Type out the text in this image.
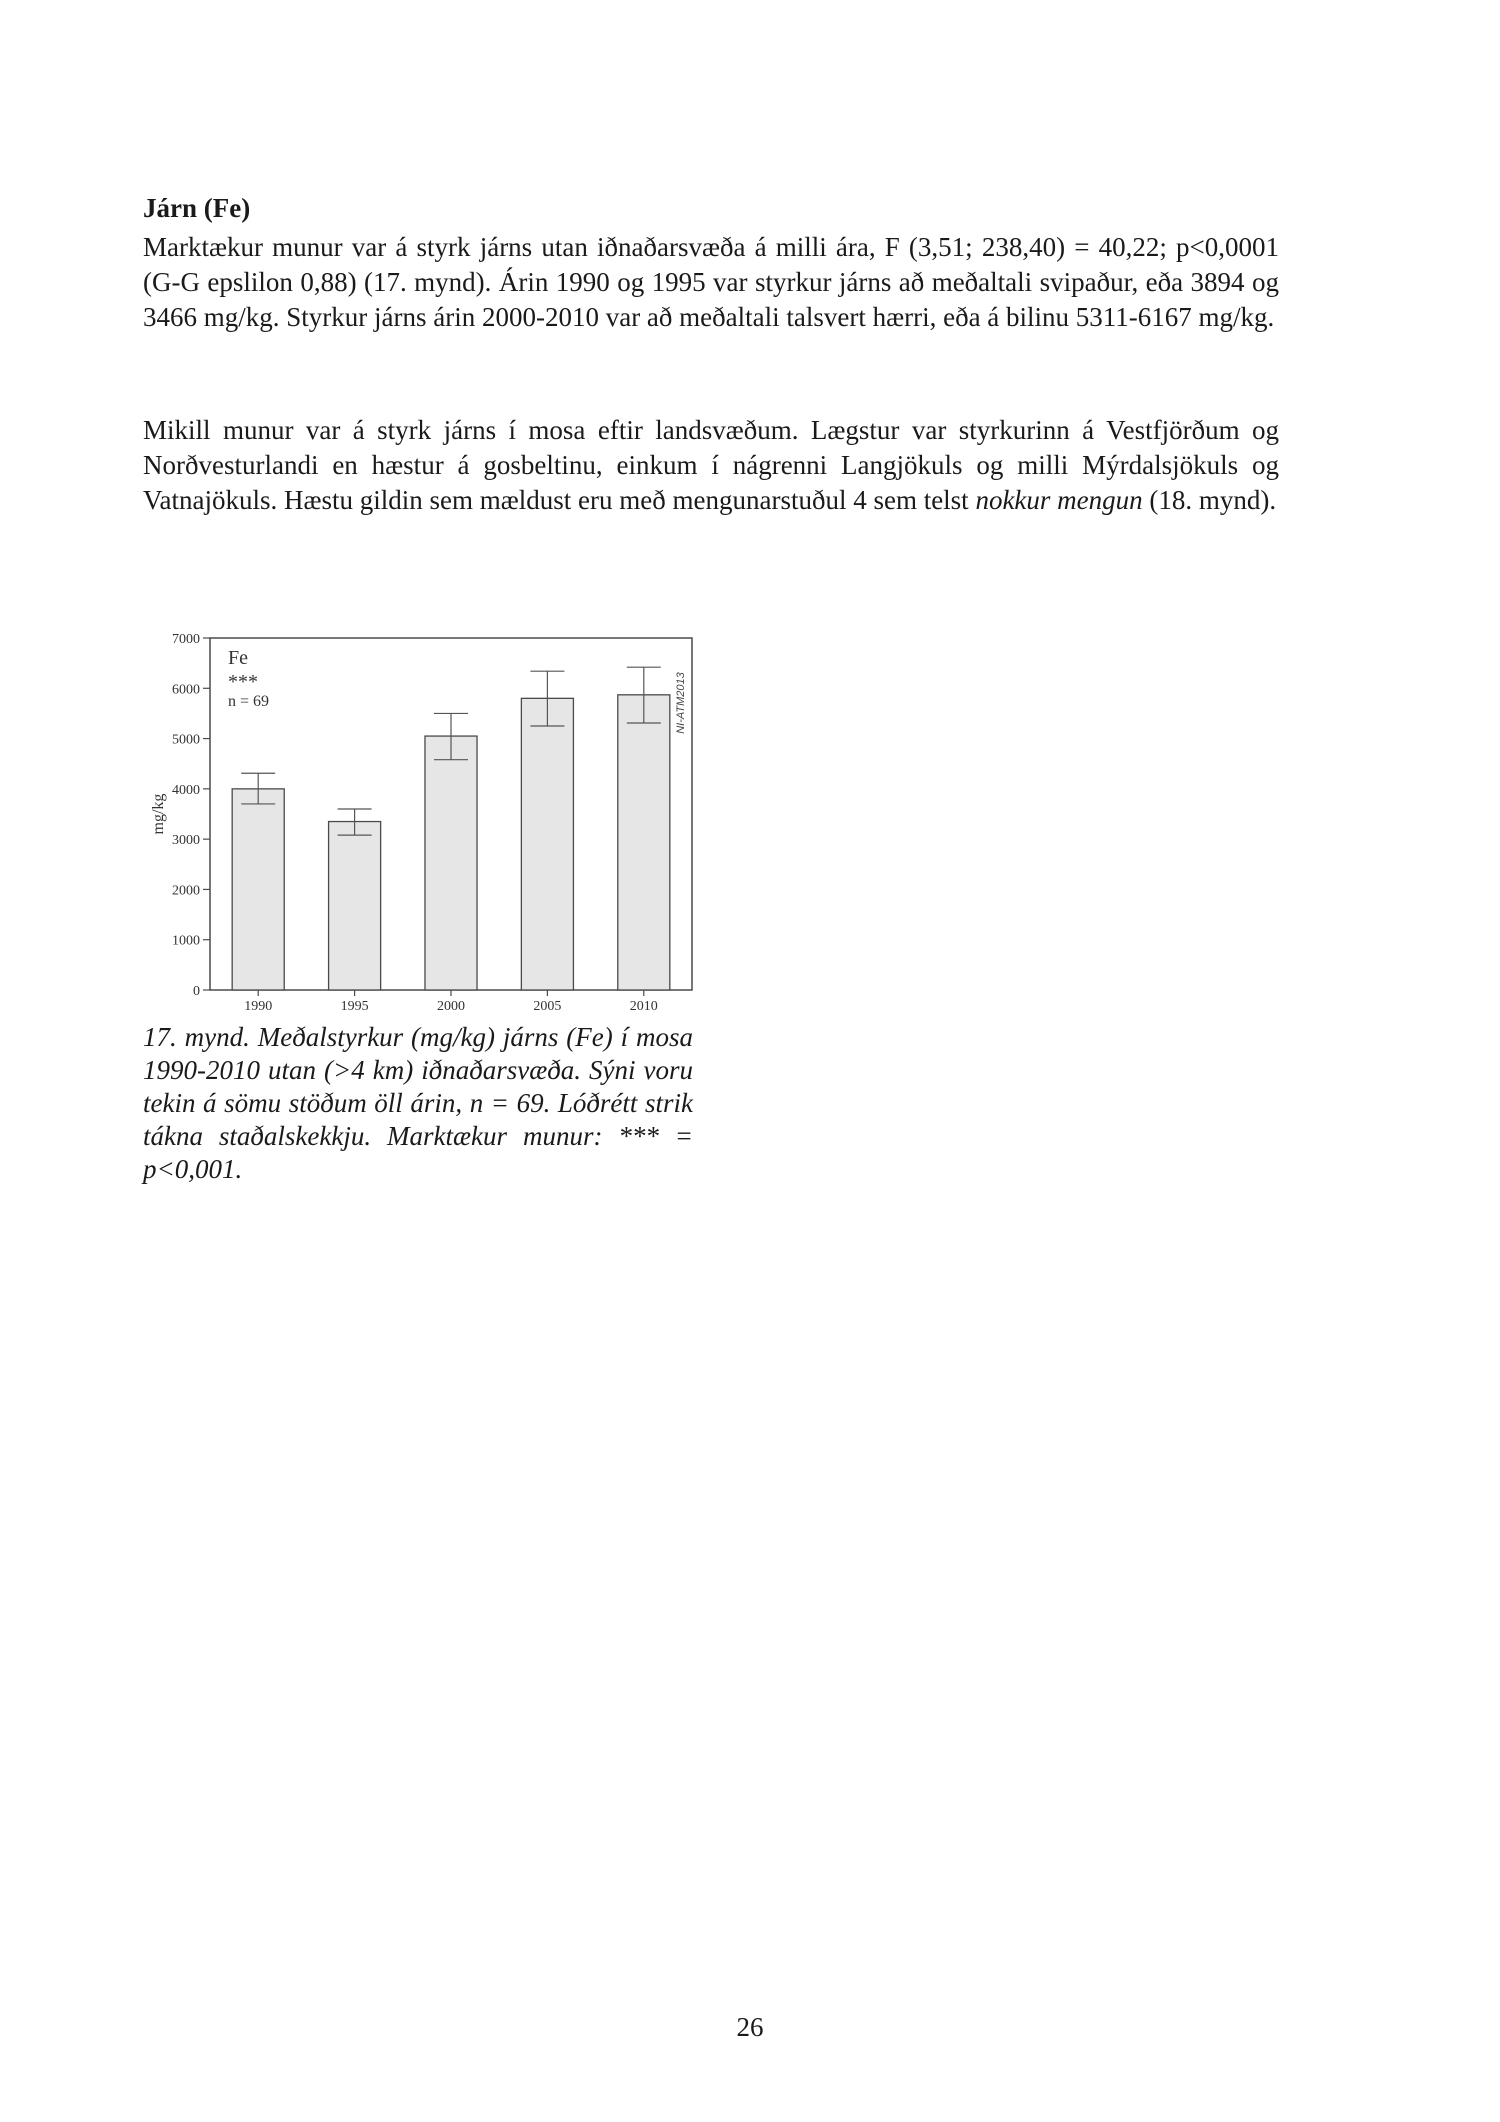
Járn (Fe)

Marktækur munur var á styrk járns utan iðnaðarsvæða á milli ára, F (3,51; 238,40) = 40,22; p<0,0001 (G-G epslilon 0,88) (17. mynd). Árin 1990 og 1995 var styrkur járns að meðaltali svipaður, eða 3894 og 3466 mg/kg. Styrkur járns árin 2000-2010 var að meðaltali talsvert hærri, eða á bilinu 5311-6167 mg/kg.

Mikill munur var á styrk járns í mosa eftir landsvæðum. Lægstur var styrkurinn á Vestfjörðum og Norðvesturlandi en hæstur á gosbeltinu, einkum í nágrenni Langjökuls og milli Mýrdalsjökuls og Vatnajökuls. Hæstu gildin sem mældust eru með mengunarstuðul 4 sem telst nokkur mengun (18. mynd).

0
1000
2000
3000
4000
5000
6000
7000
mg/kg
1990	1995	2000	2005	2010
Fe
***
n = 69	NI-ATM2013

17. mynd. Meðalstyrkur (mg/kg) járns (Fe) í mosa 1990-2010 utan (>4 km) iðnaðarsvæða. Sýni voru tekin á sömu stöðum öll árin, n = 69. Lóðrétt strik tákna staðalskekkju. Marktækur munur: *** = p<0,001.

26
